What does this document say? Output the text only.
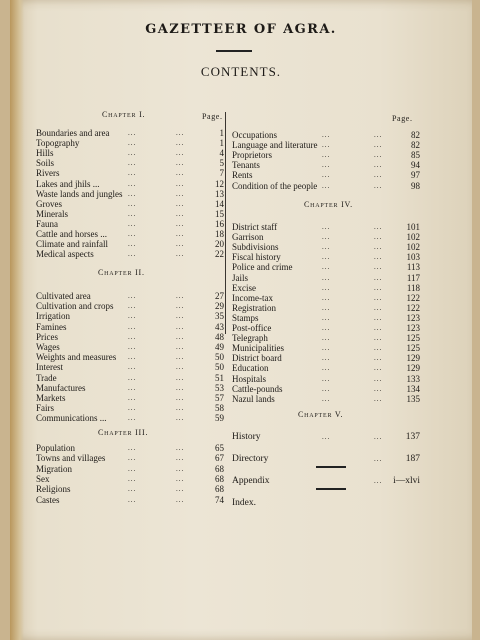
GAZETTEER OF AGRA.
CONTENTS.
Chapter I.	Page.
Boundaries and area	...	...	1
Topography	...	...	1
Hills	...	...	4
Soils	...	...	5
Rivers	...	...	7
Lakes and jhils ...	...	...	12
Waste lands and jungles ...	...	13
Groves	...	...	14
Minerals	...	...	15
Fauna	...	...	16
Cattle and horses ...	...	...	18
Climate and rainfall	...	...	20
Medical aspects	...	...	22
Chapter II.
Cultivated area	...	...	27
Cultivation and crops ...	...	29
Irrigation	...	...	35
Famines	...	...	43
Prices	...	...	48
Wages	...	...	49
Weights and measures ...	...	50
Interest	...	...	50
Trade	...	...	51
Manufactures	...	...	53
Markets	...	...	57
Fairs	...	...	58
Communications ...	...	...	59
Chapter III.
Population	...	...	65
Towns and villages	...	...	67
Migration	...	...	68
Sex	...	...	68
Religions	...	...	68
Castes	...	...	74
Page.
Occupations	...	...	82
Language and literature ...	...	82
Proprietors	...	...	85
Tenants	...	...	94
Rents	...	...	97
Condition of the people ...	...	98
Chapter IV.
District staff	...	...	101
Garrison	...	...	102
Subdivisions	...	...	102
Fiscal history	...	...	103
Police and crime	...	...	113
Jails	...	...	117
Excise	...	...	118
Income-tax	...	...	122
Registration	...	...	122
Stamps	...	...	123
Post-office	...	...	123
Telegraph	...	...	125
Municipalities	...	...	125
District board	...	...	129
Education	...	...	129
Hospitals	...	...	133
Cattle-pounds	...	...	134
Nazul lands	...	...	135
Chapter V.
History	...	... 137
Directory	... 187
Appendix	... i—xlvi
Index.
